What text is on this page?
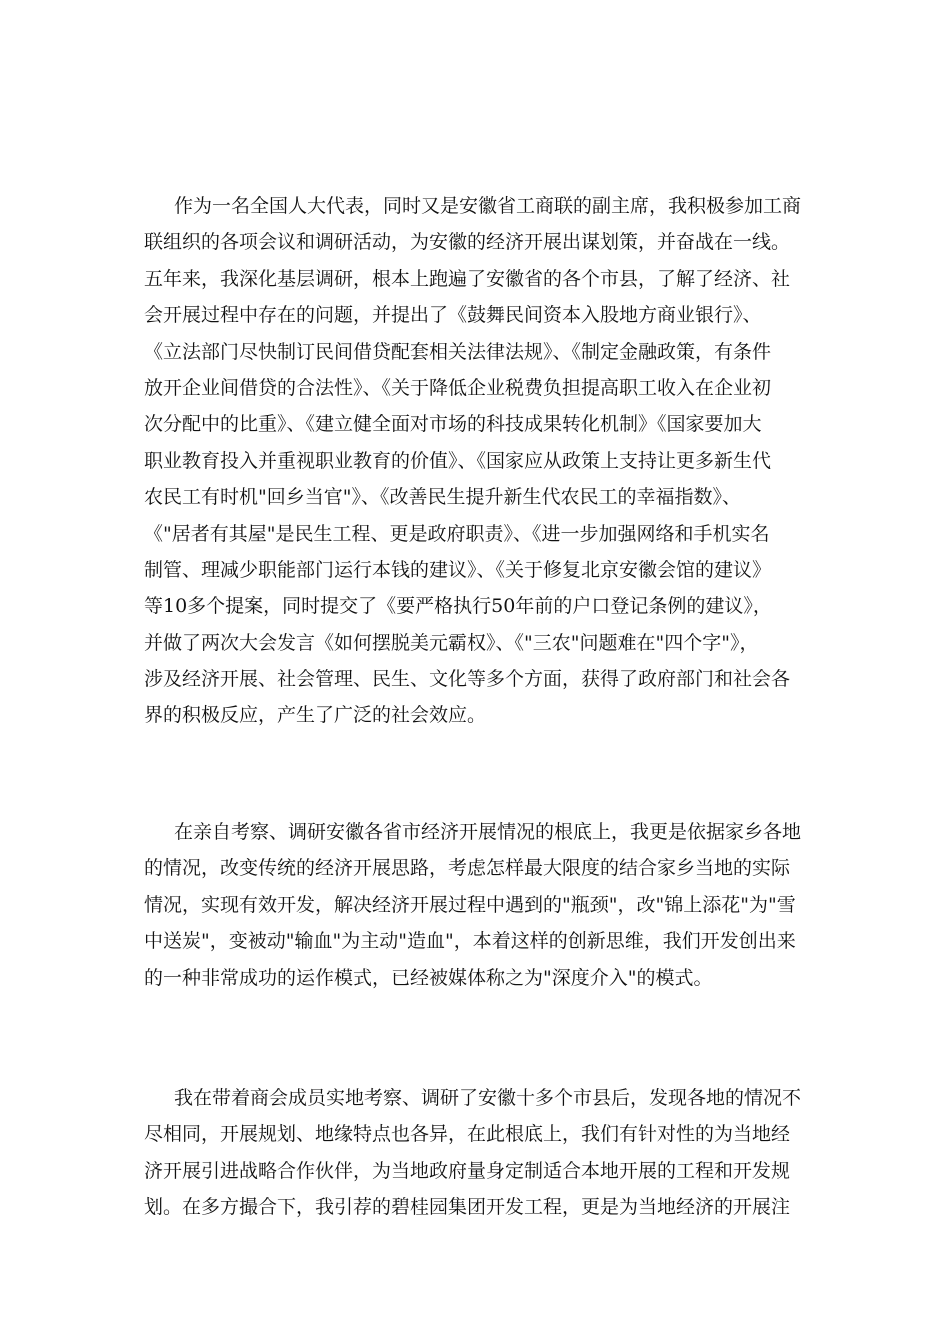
作为一名全国人大代表，同时又是安徽省工商联的副主席，我积极参加工商
联组织的各项会议和调研活动，为安徽的经济开展出谋划策，并奋战在一线。
五年来，我深化基层调研，根本上跑遍了安徽省的各个市县，了解了经济、社
会开展过程中存在的问题，并提出了《鼓舞民间资本入股地方商业银行》、
《立法部门尽快制订民间借贷配套相关法律法规》、《制定金融政策，有条件
放开企业间借贷的合法性》、《关于降低企业税费负担提高职工收入在企业初
次分配中的比重》、《建立健全面对市场的科技成果转化机制》《国家要加大
职业教育投入并重视职业教育的价值》、《国家应从政策上支持让更多新生代
农民工有时机"回乡当官"》、《改善民生提升新生代农民工的幸福指数》、
《"居者有其屋"是民生工程、更是政府职责》、《进一步加强网络和手机实名
制管、理减少职能部门运行本钱的建议》、《关于修复北京安徽会馆的建议》
等10多个提案，同时提交了《要严格执行50年前的户口登记条例的建议》，
并做了两次大会发言《如何摆脱美元霸权》、《"三农"问题难在"四个字"》，
涉及经济开展、社会管理、民生、文化等多个方面，获得了政府部门和社会各
界的积极反应，产生了广泛的社会效应。

在亲自考察、调研安徽各省市经济开展情况的根底上，我更是依据家乡各地
的情况，改变传统的经济开展思路，考虑怎样最大限度的结合家乡当地的实际
情况，实现有效开发，解决经济开展过程中遇到的"瓶颈"，改"锦上添花"为"雪
中送炭"，变被动"输血"为主动"造血"，本着这样的创新思维，我们开发创出来
的一种非常成功的运作模式，已经被媒体称之为"深度介入"的模式。

我在带着商会成员实地考察、调研了安徽十多个市县后，发现各地的情况不
尽相同，开展规划、地缘特点也各异，在此根底上，我们有针对性的为当地经
济开展引进战略合作伙伴，为当地政府量身定制适合本地开展的工程和开发规
划。在多方撮合下，我引荐的碧桂园集团开发工程，更是为当地经济的开展注
